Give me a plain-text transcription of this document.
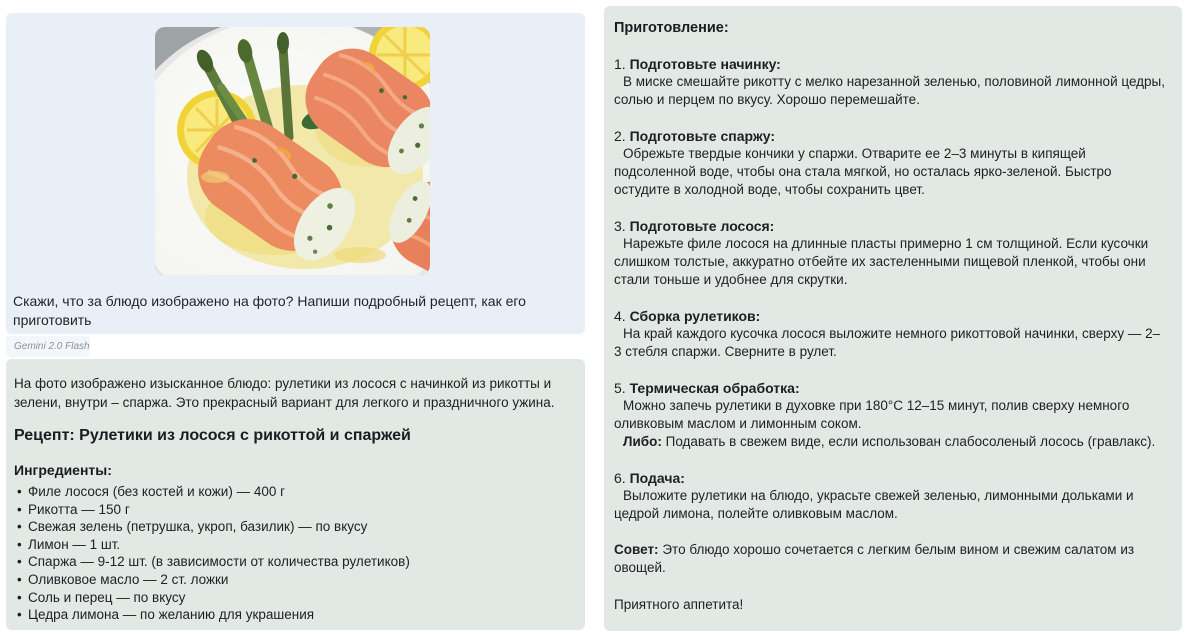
Скажи, что за блюдо изображено на фото? Напиши подробный рецепт, как его приготовить
Gemini 2.0 Flash
На фото изображено изысканное блюдо: рулетики из лосося с начинкой из рикотты и зелени, внутри – спаржа. Это прекрасный вариант для легкого и праздничного ужина.
Рецепт: Рулетики из лосося с рикоттой и спаржей
Ингредиенты:
• Филе лосося (без костей и кожи) — 400 г
• Рикотта — 150 г
• Свежая зелень (петрушка, укроп, базилик) — по вкусу
• Лимон — 1 шт.
• Спаржа — 9-12 шт. (в зависимости от количества рулетиков)
• Оливковое масло — 2 ст. ложки
• Соль и перец — по вкусу
• Цедра лимона — по желанию для украшения
Приготовление:
1. Подготовьте начинку:

В миске смешайте рикотту с мелко нарезанной зеленью, половиной лимонной цедры, солью и перцем по вкусу. Хорошо перемешайте.

2. Подготовьте спаржу:

Обрежьте твердые кончики у спаржи. Отварите ее 2–3 минуты в кипящей подсоленной воде, чтобы она стала мягкой, но осталась ярко-зеленой. Быстро остудите в холодной воде, чтобы сохранить цвет.

3. Подготовьте лосося:

Нарежьте филе лосося на длинные пласты примерно 1 см толщиной. Если кусочки слишком толстые, аккуратно отбейте их застеленными пищевой пленкой, чтобы они стали тоньше и удобнее для скрутки.

4. Сборка рулетиков:

На край каждого кусочка лосося выложите немного рикоттовой начинки, сверху — 2–3 стебля спаржи. Сверните в рулет.

5. Термическая обработка:

Можно запечь рулетики в духовке при 180°C 12–15 минут, полив сверху немного оливковым маслом и лимонным соком.

Либо: Подавать в свежем виде, если использован слабосоленый лосось (гравлакс).

6. Подача:

Выложите рулетики на блюдо, украсьте свежей зеленью, лимонными дольками и цедрой лимона, полейте оливковым маслом.

Совет: Это блюдо хорошо сочетается с легким белым вином и свежим салатом из овощей.

Приятного аппетита!
